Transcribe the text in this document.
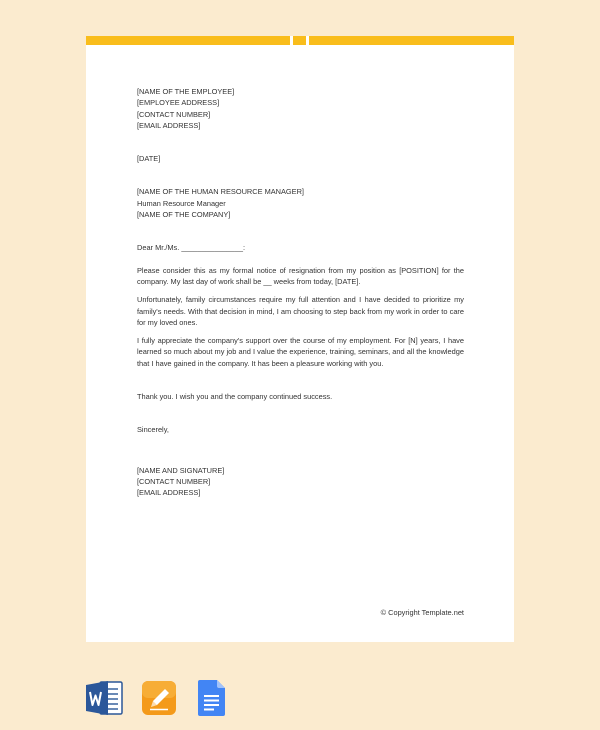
[NAME OF THE EMPLOYEE]

[EMPLOYEE ADDRESS]

[CONTACT NUMBER]

[EMAIL ADDRESS]

[DATE]

[NAME OF THE HUMAN RESOURCE MANAGER]

Human Resource Manager

[NAME OF THE COMPANY]

Dear Mr./Ms. _______________:

Please consider this as my formal notice of resignation from my position as [POSITION] for the company. My last day of work shall be __ weeks from today, [DATE].

Unfortunately, family circumstances require my full attention and I have decided to prioritize my family's needs. With that decision in mind, I am choosing to step back from my work in order to care for my loved ones.

I fully appreciate the company's support over the course of my employment. For [N] years, I have learned so much about my job and I value the experience, training, seminars, and all the knowledge that I have gained in the company. It has been a pleasure working with you.

Thank you. I wish you and the company continued success.

Sincerely,

[NAME AND SIGNATURE]

[CONTACT NUMBER]

[EMAIL ADDRESS]

© Copyright Template.net
